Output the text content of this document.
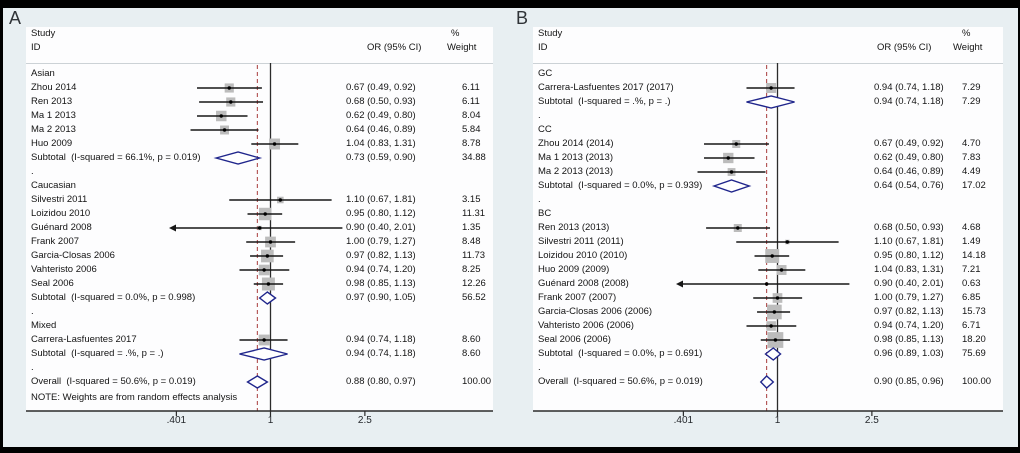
A	B
.401	1	2.5
Study
ID	OR (95% CI)
%
Weight
Asian
Zhou 2014	0.67 (0.49, 0.92)	6.11
Ren 2013	0.68 (0.50, 0.93)	6.11
Ma 1 2013	0.62 (0.49, 0.80)	8.04
Ma 2 2013	0.64 (0.46, 0.89)	5.84
Huo 2009	1.04 (0.83, 1.31)	8.78
Subtotal  (I-squared = 66.1%, p = 0.019)	0.73 (0.59, 0.90)	34.88
.
Caucasian
Silvestri 2011	1.10 (0.67, 1.81)	3.15
Loizidou 2010	0.95 (0.80, 1.12)	11.31
Guénard 2008	0.90 (0.40, 2.01)	1.35
Frank 2007	1.00 (0.79, 1.27)	8.48
Garcia-Closas 2006	0.97 (0.82, 1.13)	11.73
Vahteristo 2006	0.94 (0.74, 1.20)	8.25
Seal 2006	0.98 (0.85, 1.13)	12.26
Subtotal  (I-squared = 0.0%, p = 0.998)	0.97 (0.90, 1.05)	56.52
.
Mixed
Carrera-Lasfuentes 2017	0.94 (0.74, 1.18)	8.60
Subtotal  (I-squared = .%, p = .)	0.94 (0.74, 1.18)	8.60
.
Overall  (I-squared = 50.6%, p = 0.019)	0.88 (0.80, 0.97)	100.00
NOTE: Weights are from random effects analysis
.401	1	2.5
Study
ID	OR (95% CI)
%
Weight
GC
Carrera-Lasfuentes 2017 (2017)	0.94 (0.74, 1.18) 7.29
Subtotal  (I-squared = .%, p = .)	0.94 (0.74, 1.18) 7.29
.
CC
Zhou 2014 (2014)	0.67 (0.49, 0.92) 4.70
Ma 1 2013 (2013)	0.62 (0.49, 0.80) 7.83
Ma 2 2013 (2013)	0.64 (0.46, 0.89) 4.49
Subtotal  (I-squared = 0.0%, p = 0.939)	0.64 (0.54, 0.76) 17.02
.
BC
Ren 2013 (2013)	0.68 (0.50, 0.93) 4.68
Silvestri 2011 (2011)	1.10 (0.67, 1.81) 1.49
Loizidou 2010 (2010)	0.95 (0.80, 1.12) 14.18
Huo 2009 (2009)	1.04 (0.83, 1.31) 7.21
Guénard 2008 (2008)	0.90 (0.40, 2.01) 0.63
Frank 2007 (2007)	1.00 (0.79, 1.27) 6.85
Garcia-Closas 2006 (2006)	0.97 (0.82, 1.13) 15.73
Vahteristo 2006 (2006)	0.94 (0.74, 1.20) 6.71
Seal 2006 (2006)	0.98 (0.85, 1.13) 18.20
Subtotal  (I-squared = 0.0%, p = 0.691)	0.96 (0.89, 1.03) 75.69
.
Overall  (I-squared = 50.6%, p = 0.019)	0.90 (0.85, 0.96) 100.00
